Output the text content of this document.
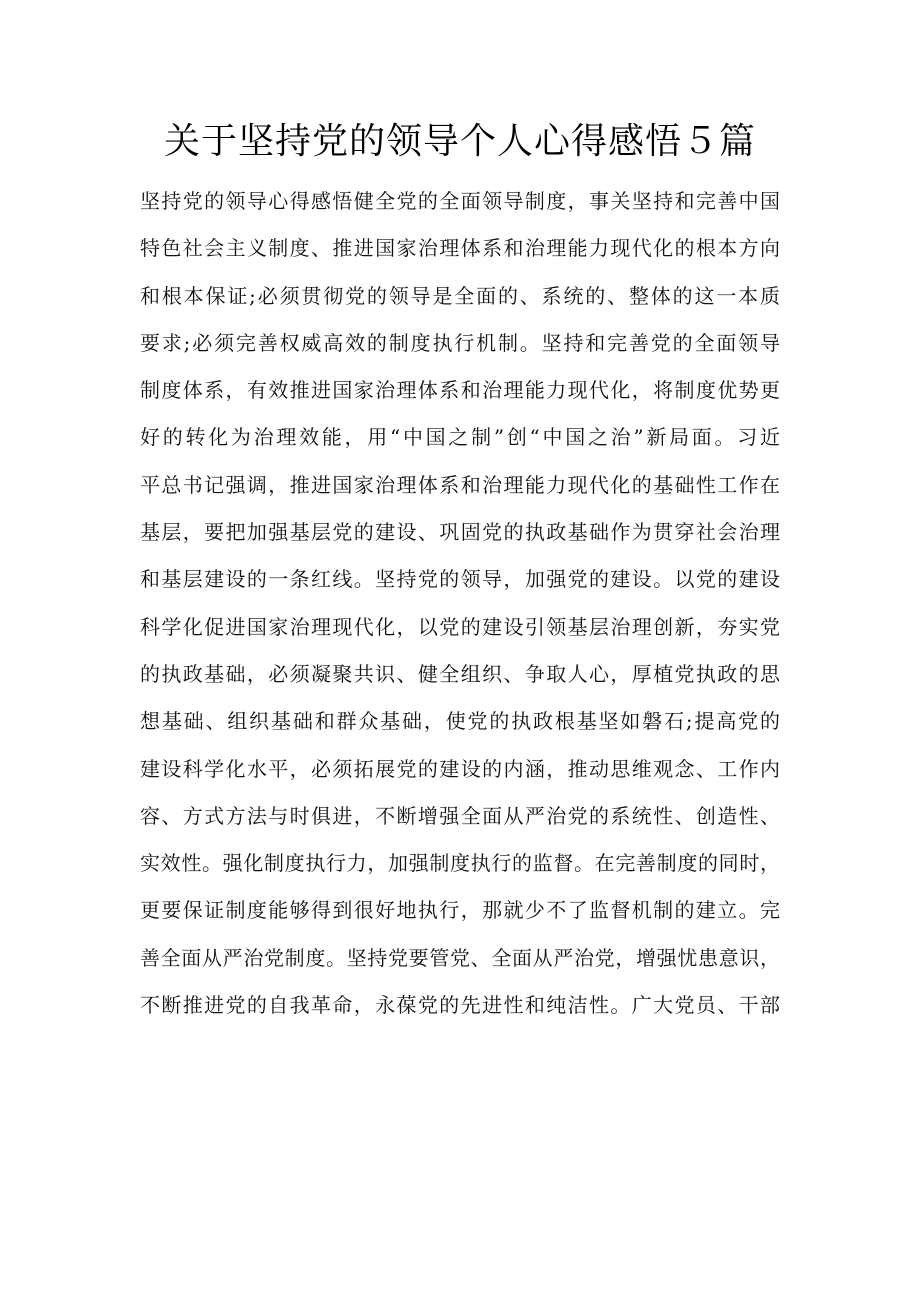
关于坚持党的领导个人心得感悟５篇
坚持党的领导心得感悟健全党的全面领导制度，事关坚持和完善中国
特色社会主义制度、推进国家治理体系和治理能力现代化的根本方向
和根本保证;必须贯彻党的领导是全面的、系统的、整体的这一本质
要求;必须完善权威高效的制度执行机制。坚持和完善党的全面领导
制度体系，有效推进国家治理体系和治理能力现代化，将制度优势更
好的转化为治理效能，用“中国之制”创“中国之治”新局面。习近
平总书记强调，推进国家治理体系和治理能力现代化的基础性工作在
基层，要把加强基层党的建设、巩固党的执政基础作为贯穿社会治理
和基层建设的一条红线。坚持党的领导，加强党的建设。以党的建设
科学化促进国家治理现代化，以党的建设引领基层治理创新，夯实党
的执政基础，必须凝聚共识、健全组织、争取人心，厚植党执政的思
想基础、组织基础和群众基础，使党的执政根基坚如磐石;提高党的
建设科学化水平，必须拓展党的建设的内涵，推动思维观念、工作内
容、方式方法与时俱进，不断增强全面从严治党的系统性、创造性、
实效性。强化制度执行力，加强制度执行的监督。在完善制度的同时，
更要保证制度能够得到很好地执行，那就少不了监督机制的建立。完
善全面从严治党制度。坚持党要管党、全面从严治党，增强忧患意识，
不断推进党的自我革命，永葆党的先进性和纯洁性。广大党员、干部
